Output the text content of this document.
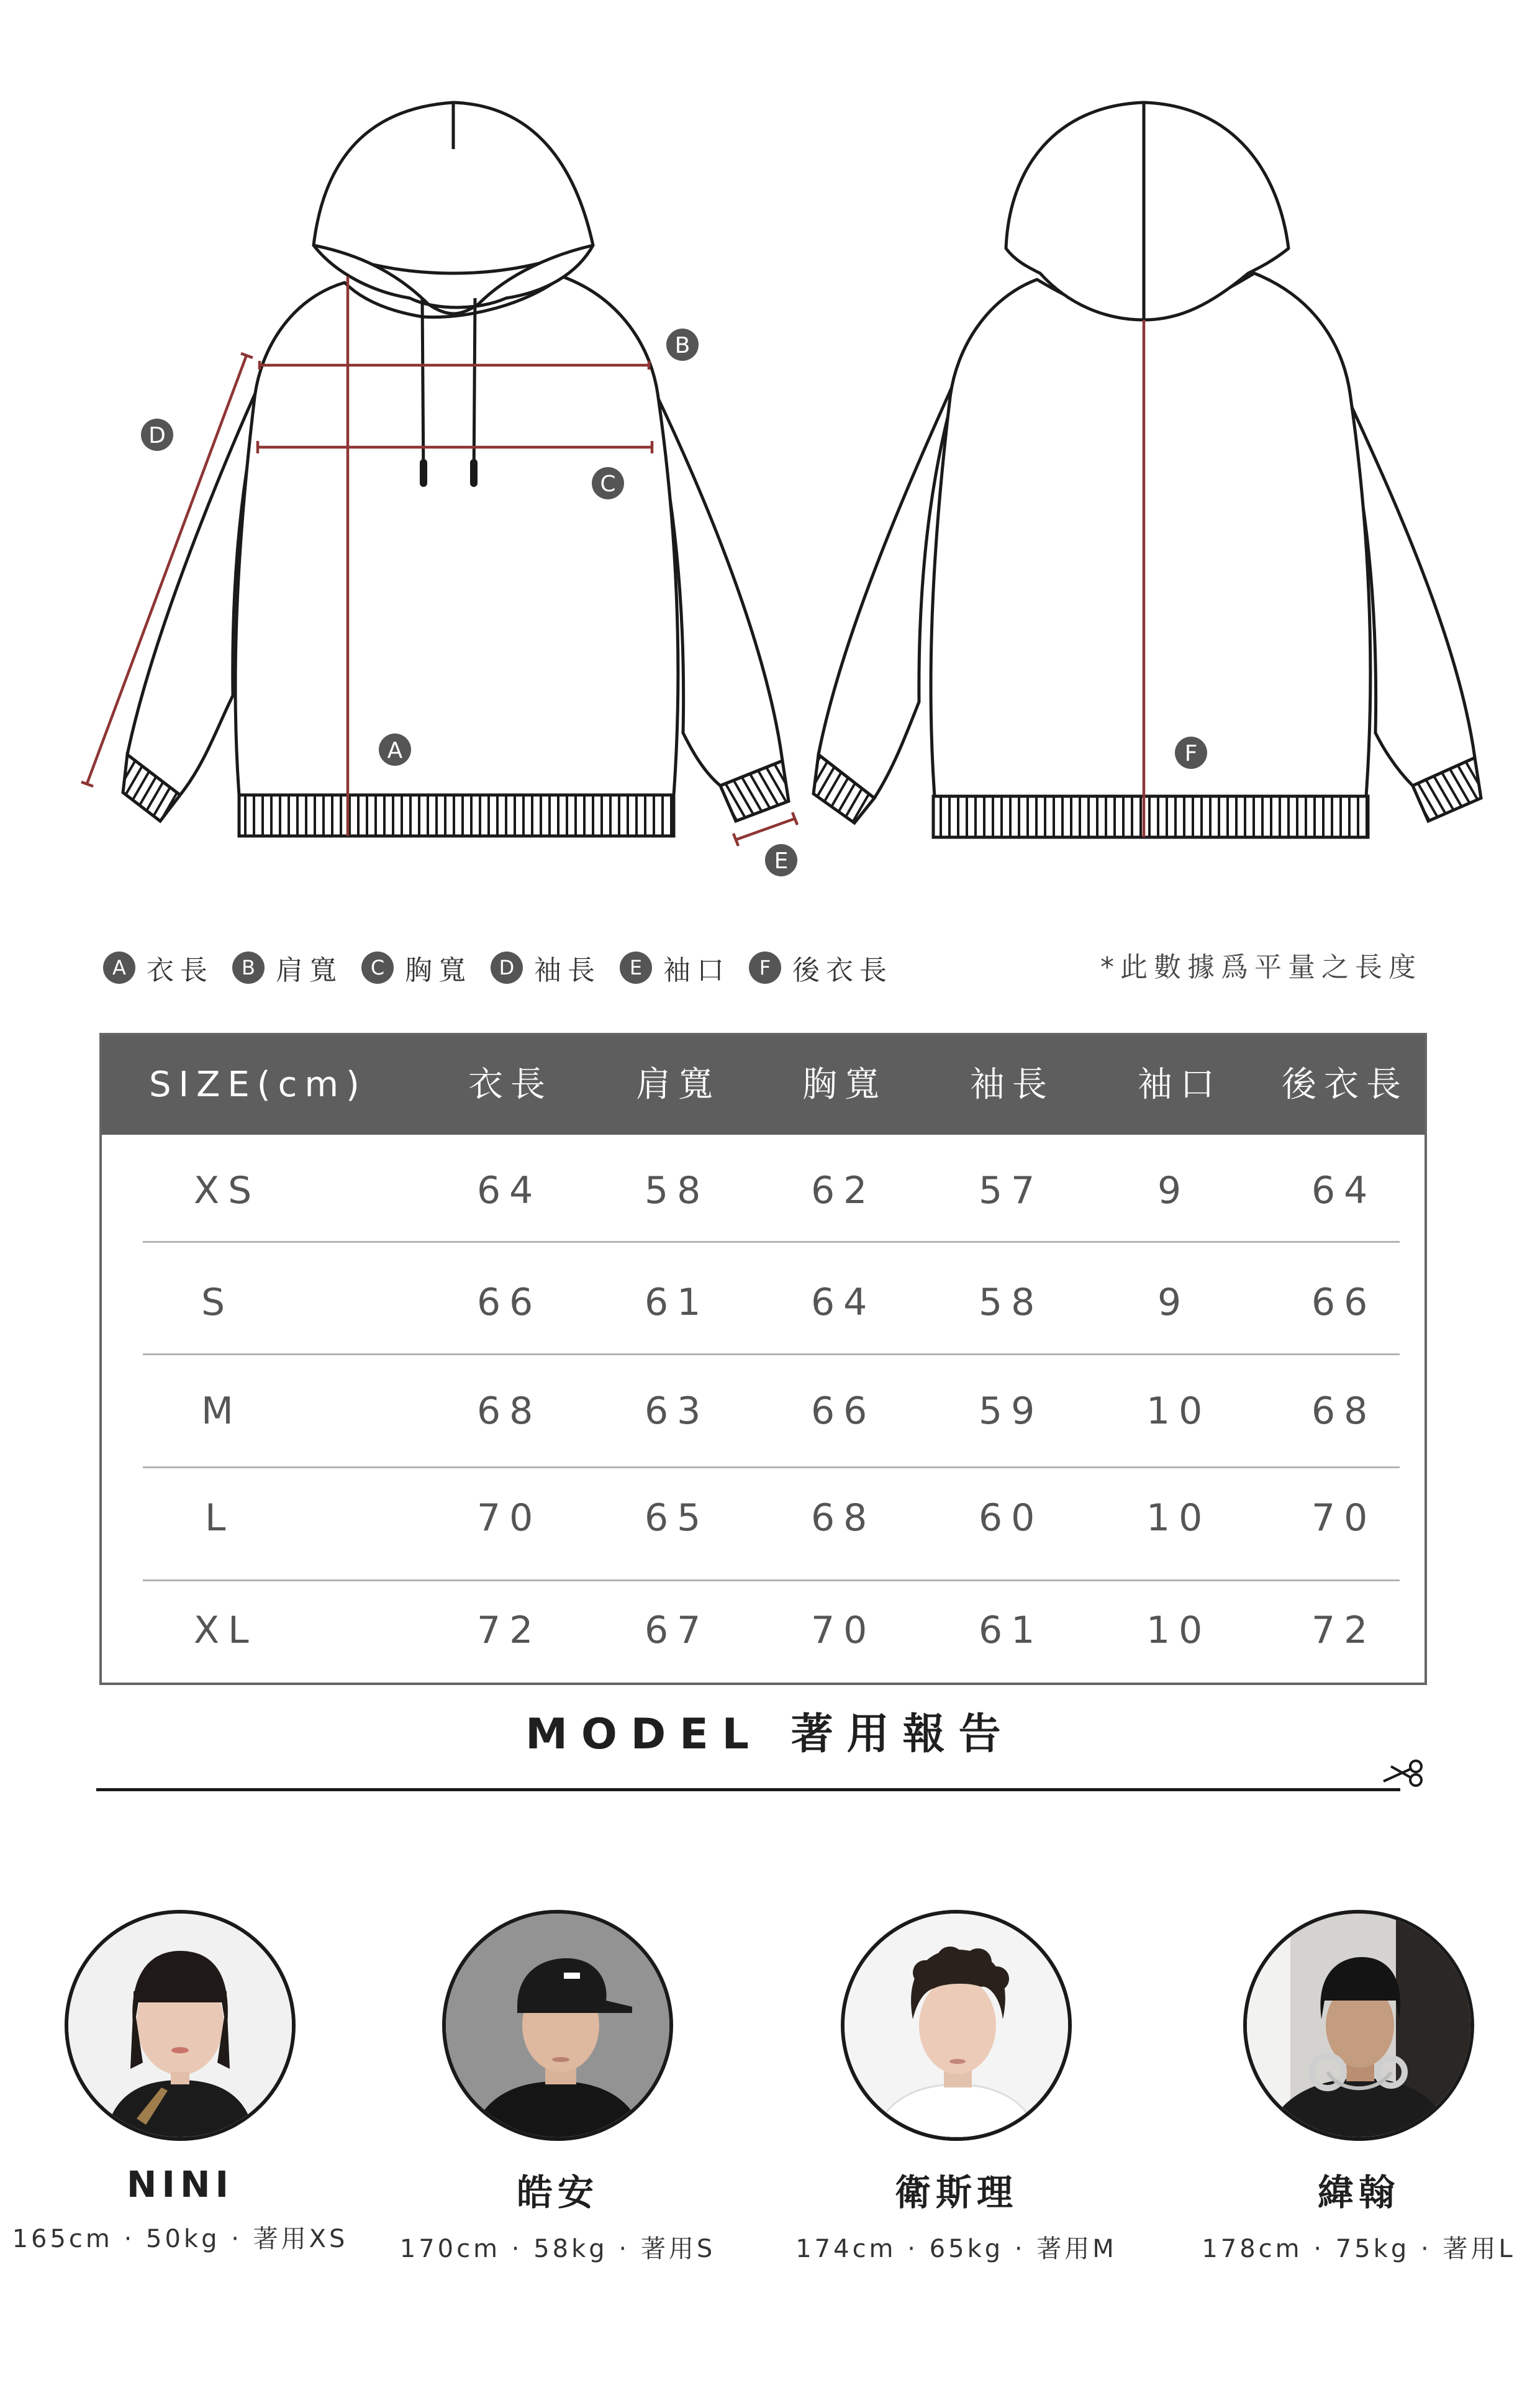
A
B
C
D
E
F
A 衣長	B 肩寬	C 胸寬	D 袖長	E 袖口	F 後衣長	*此數據爲平量之長度
SIZE(cm)	衣長 肩寬 胸寬 袖長 袖口 後衣長
XS	64	58	62	57	9	64
S	66	61	64	58	9	66
M	68	63	66	59	10	68
L	70	65	68	60	10	70
XL	72	67	70	61	10	72
MODEL 著用報告
NINI
165cm · 50kg · 著用XS
皓安
170cm · 58kg · 著用S
衛斯理
174cm · 65kg · 著用M
緯翰
178cm · 75kg · 著用L
